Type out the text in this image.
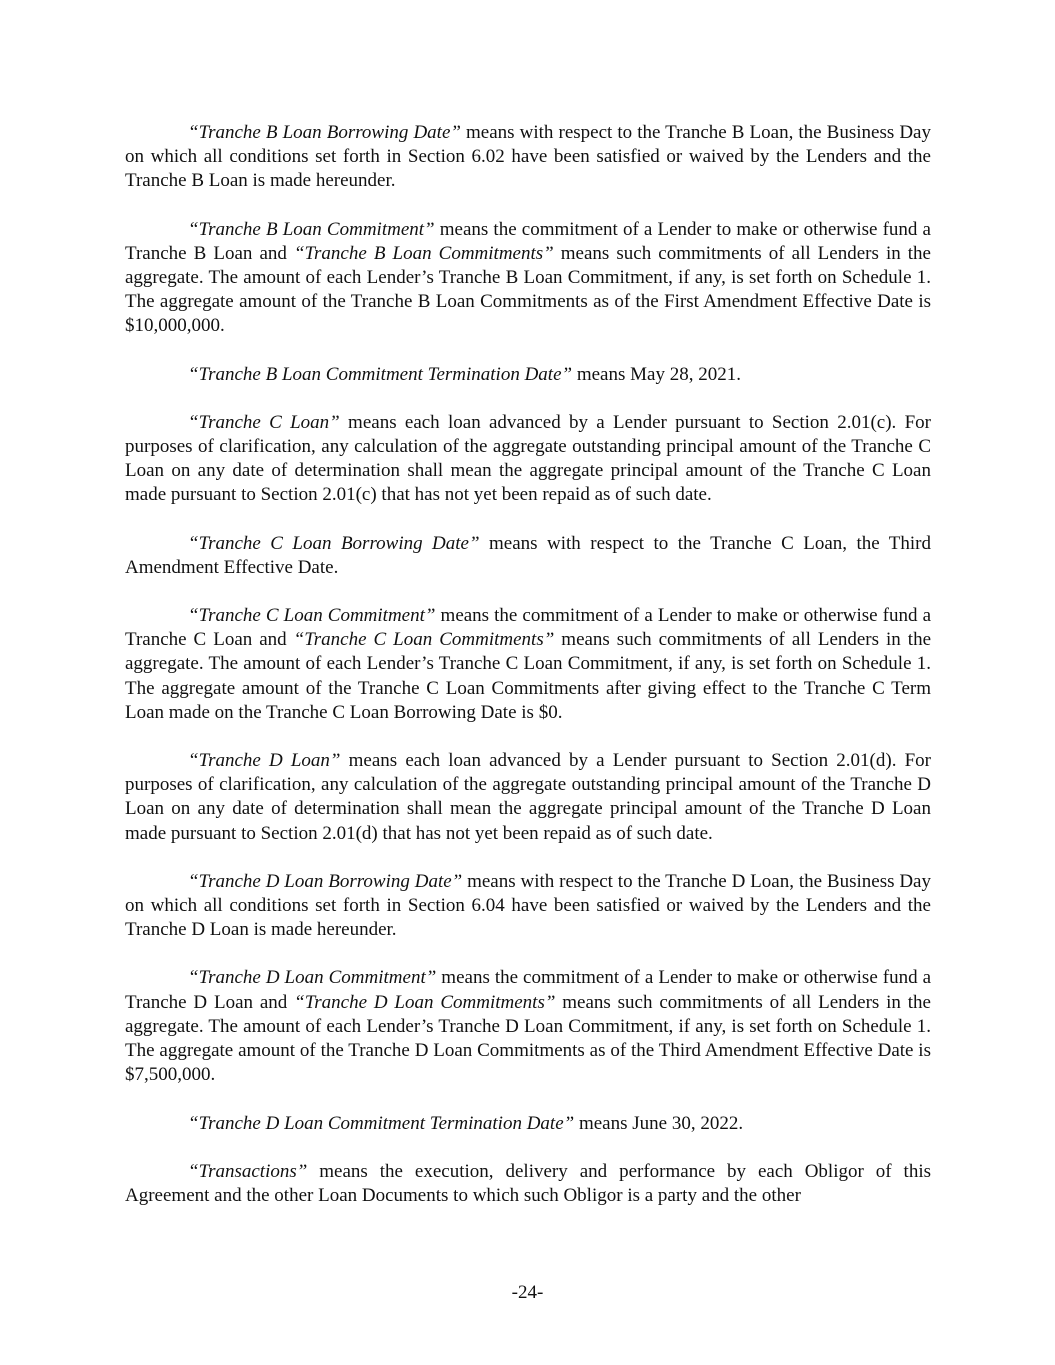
“Tranche B Loan Borrowing Date” means with respect to the Tranche B Loan, the Business Day on which all conditions set forth in Section 6.02 have been satisfied or waived by the Lenders and the Tranche B Loan is made hereunder.

“Tranche B Loan Commitment” means the commitment of a Lender to make or otherwise fund a Tranche B Loan and “Tranche B Loan Commitments” means such commitments of all Lenders in the aggregate. The amount of each Lender’s Tranche B Loan Commitment, if any, is set forth on Schedule 1. The aggregate amount of the Tranche B Loan Commitments as of the First Amendment Effective Date is $10,000,000.

“Tranche B Loan Commitment Termination Date” means May 28, 2021.

“Tranche C Loan” means each loan advanced by a Lender pursuant to Section 2.01(c). For purposes of clarification, any calculation of the aggregate outstanding principal amount of the Tranche C Loan on any date of determination shall mean the aggregate principal amount of the Tranche C Loan made pursuant to Section 2.01(c) that has not yet been repaid as of such date.

“Tranche C Loan Borrowing Date” means with respect to the Tranche C Loan, the Third Amendment Effective Date.

“Tranche C Loan Commitment” means the commitment of a Lender to make or otherwise fund a Tranche C Loan and “Tranche C Loan Commitments” means such commitments of all Lenders in the aggregate. The amount of each Lender’s Tranche C Loan Commitment, if any, is set forth on Schedule 1. The aggregate amount of the Tranche C Loan Commitments after giving effect to the Tranche C Term Loan made on the Tranche C Loan Borrowing Date is $0.

“Tranche D Loan” means each loan advanced by a Lender pursuant to Section 2.01(d). For purposes of clarification, any calculation of the aggregate outstanding principal amount of the Tranche D Loan on any date of determination shall mean the aggregate principal amount of the Tranche D Loan made pursuant to Section 2.01(d) that has not yet been repaid as of such date.

“Tranche D Loan Borrowing Date” means with respect to the Tranche D Loan, the Business Day on which all conditions set forth in Section 6.04 have been satisfied or waived by the Lenders and the Tranche D Loan is made hereunder.

“Tranche D Loan Commitment” means the commitment of a Lender to make or otherwise fund a Tranche D Loan and “Tranche D Loan Commitments” means such commitments of all Lenders in the aggregate. The amount of each Lender’s Tranche D Loan Commitment, if any, is set forth on Schedule 1. The aggregate amount of the Tranche D Loan Commitments as of the Third Amendment Effective Date is $7,500,000.

“Tranche D Loan Commitment Termination Date” means June 30, 2022.

“Transactions” means the execution, delivery and performance by each Obligor of this Agreement and the other Loan Documents to which such Obligor is a party and the other

-24-
